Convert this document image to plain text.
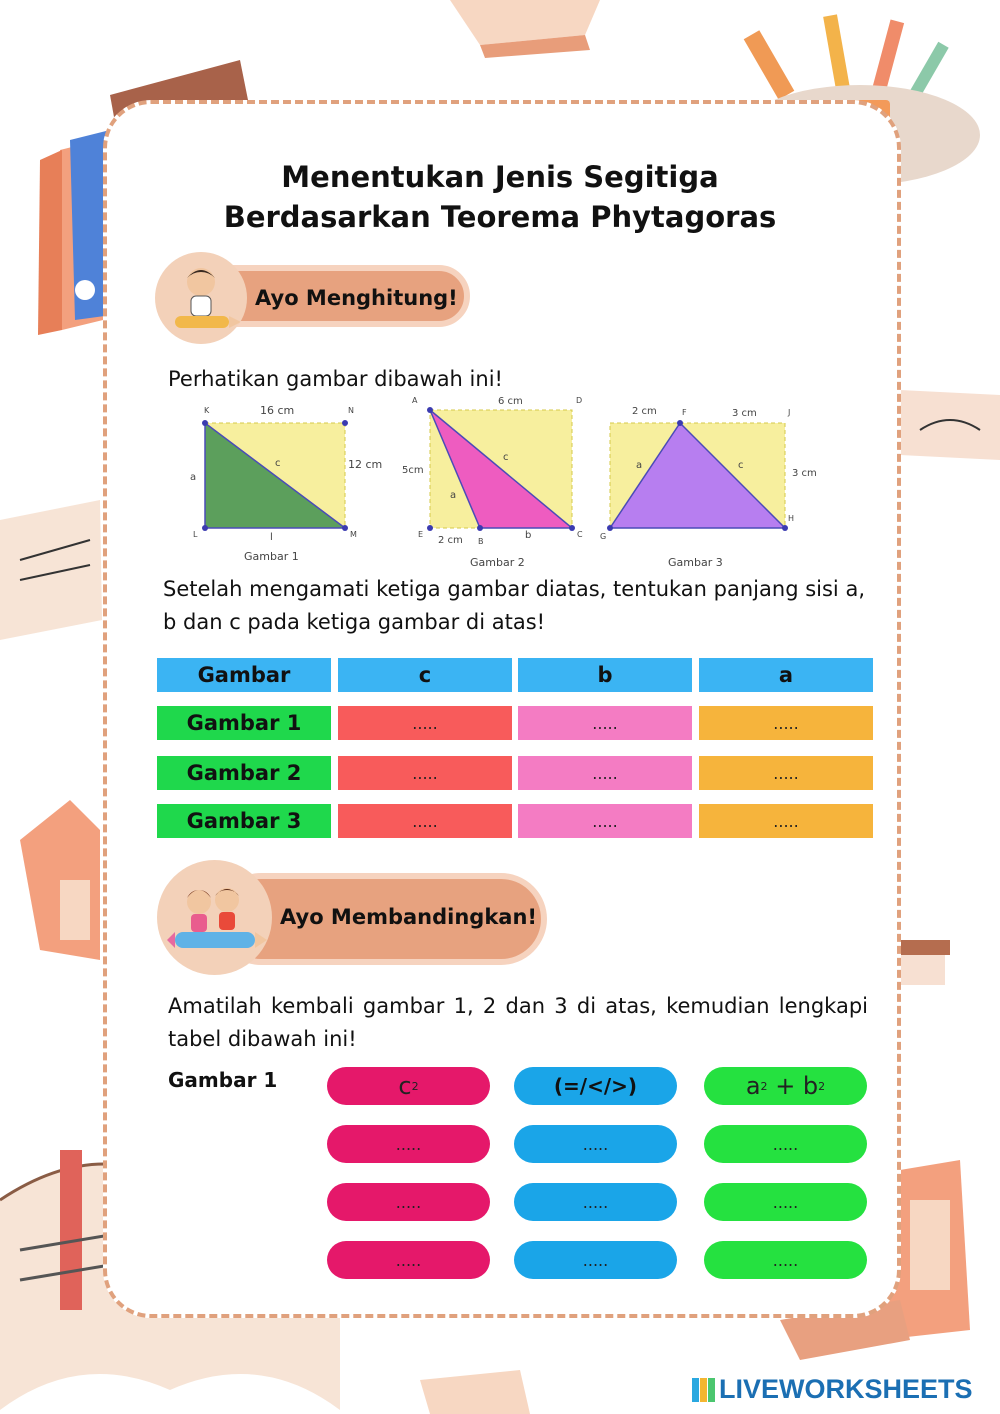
Menentukan Jenis Segitiga
Berdasarkan Teorema Phytagoras
Ayo Menghitung!
Perhatikan gambar dibawah ini!
16 cm
12 cm
a
l
c
K	N
L	M
Gambar 1
6 cm
5cm
2 cm
a
b
c
A	D
E
B
C
Gambar 2
2 cm	3 cm
3 cm
a	c
F	J
G
H
Gambar 3
Setelah mengamati ketiga gambar diatas, tentukan panjang sisi a, b dan c pada ketiga gambar di atas!
Gambar	c	b	a
Gambar 1	.....	.....	.....
Gambar 2	.....	.....	.....
Gambar 3	.....	.....	.....
Ayo Membandingkan!
Amatilah kembali gambar 1, 2 dan 3 di atas, kemudian lengkapi tabel dibawah ini!
Gambar 1	c 2	(=/</>)	a 2
+ b 2
.....	.....	.....
.....	.....	.....
.....	.....	.....
LIVEWORKSHEETS
